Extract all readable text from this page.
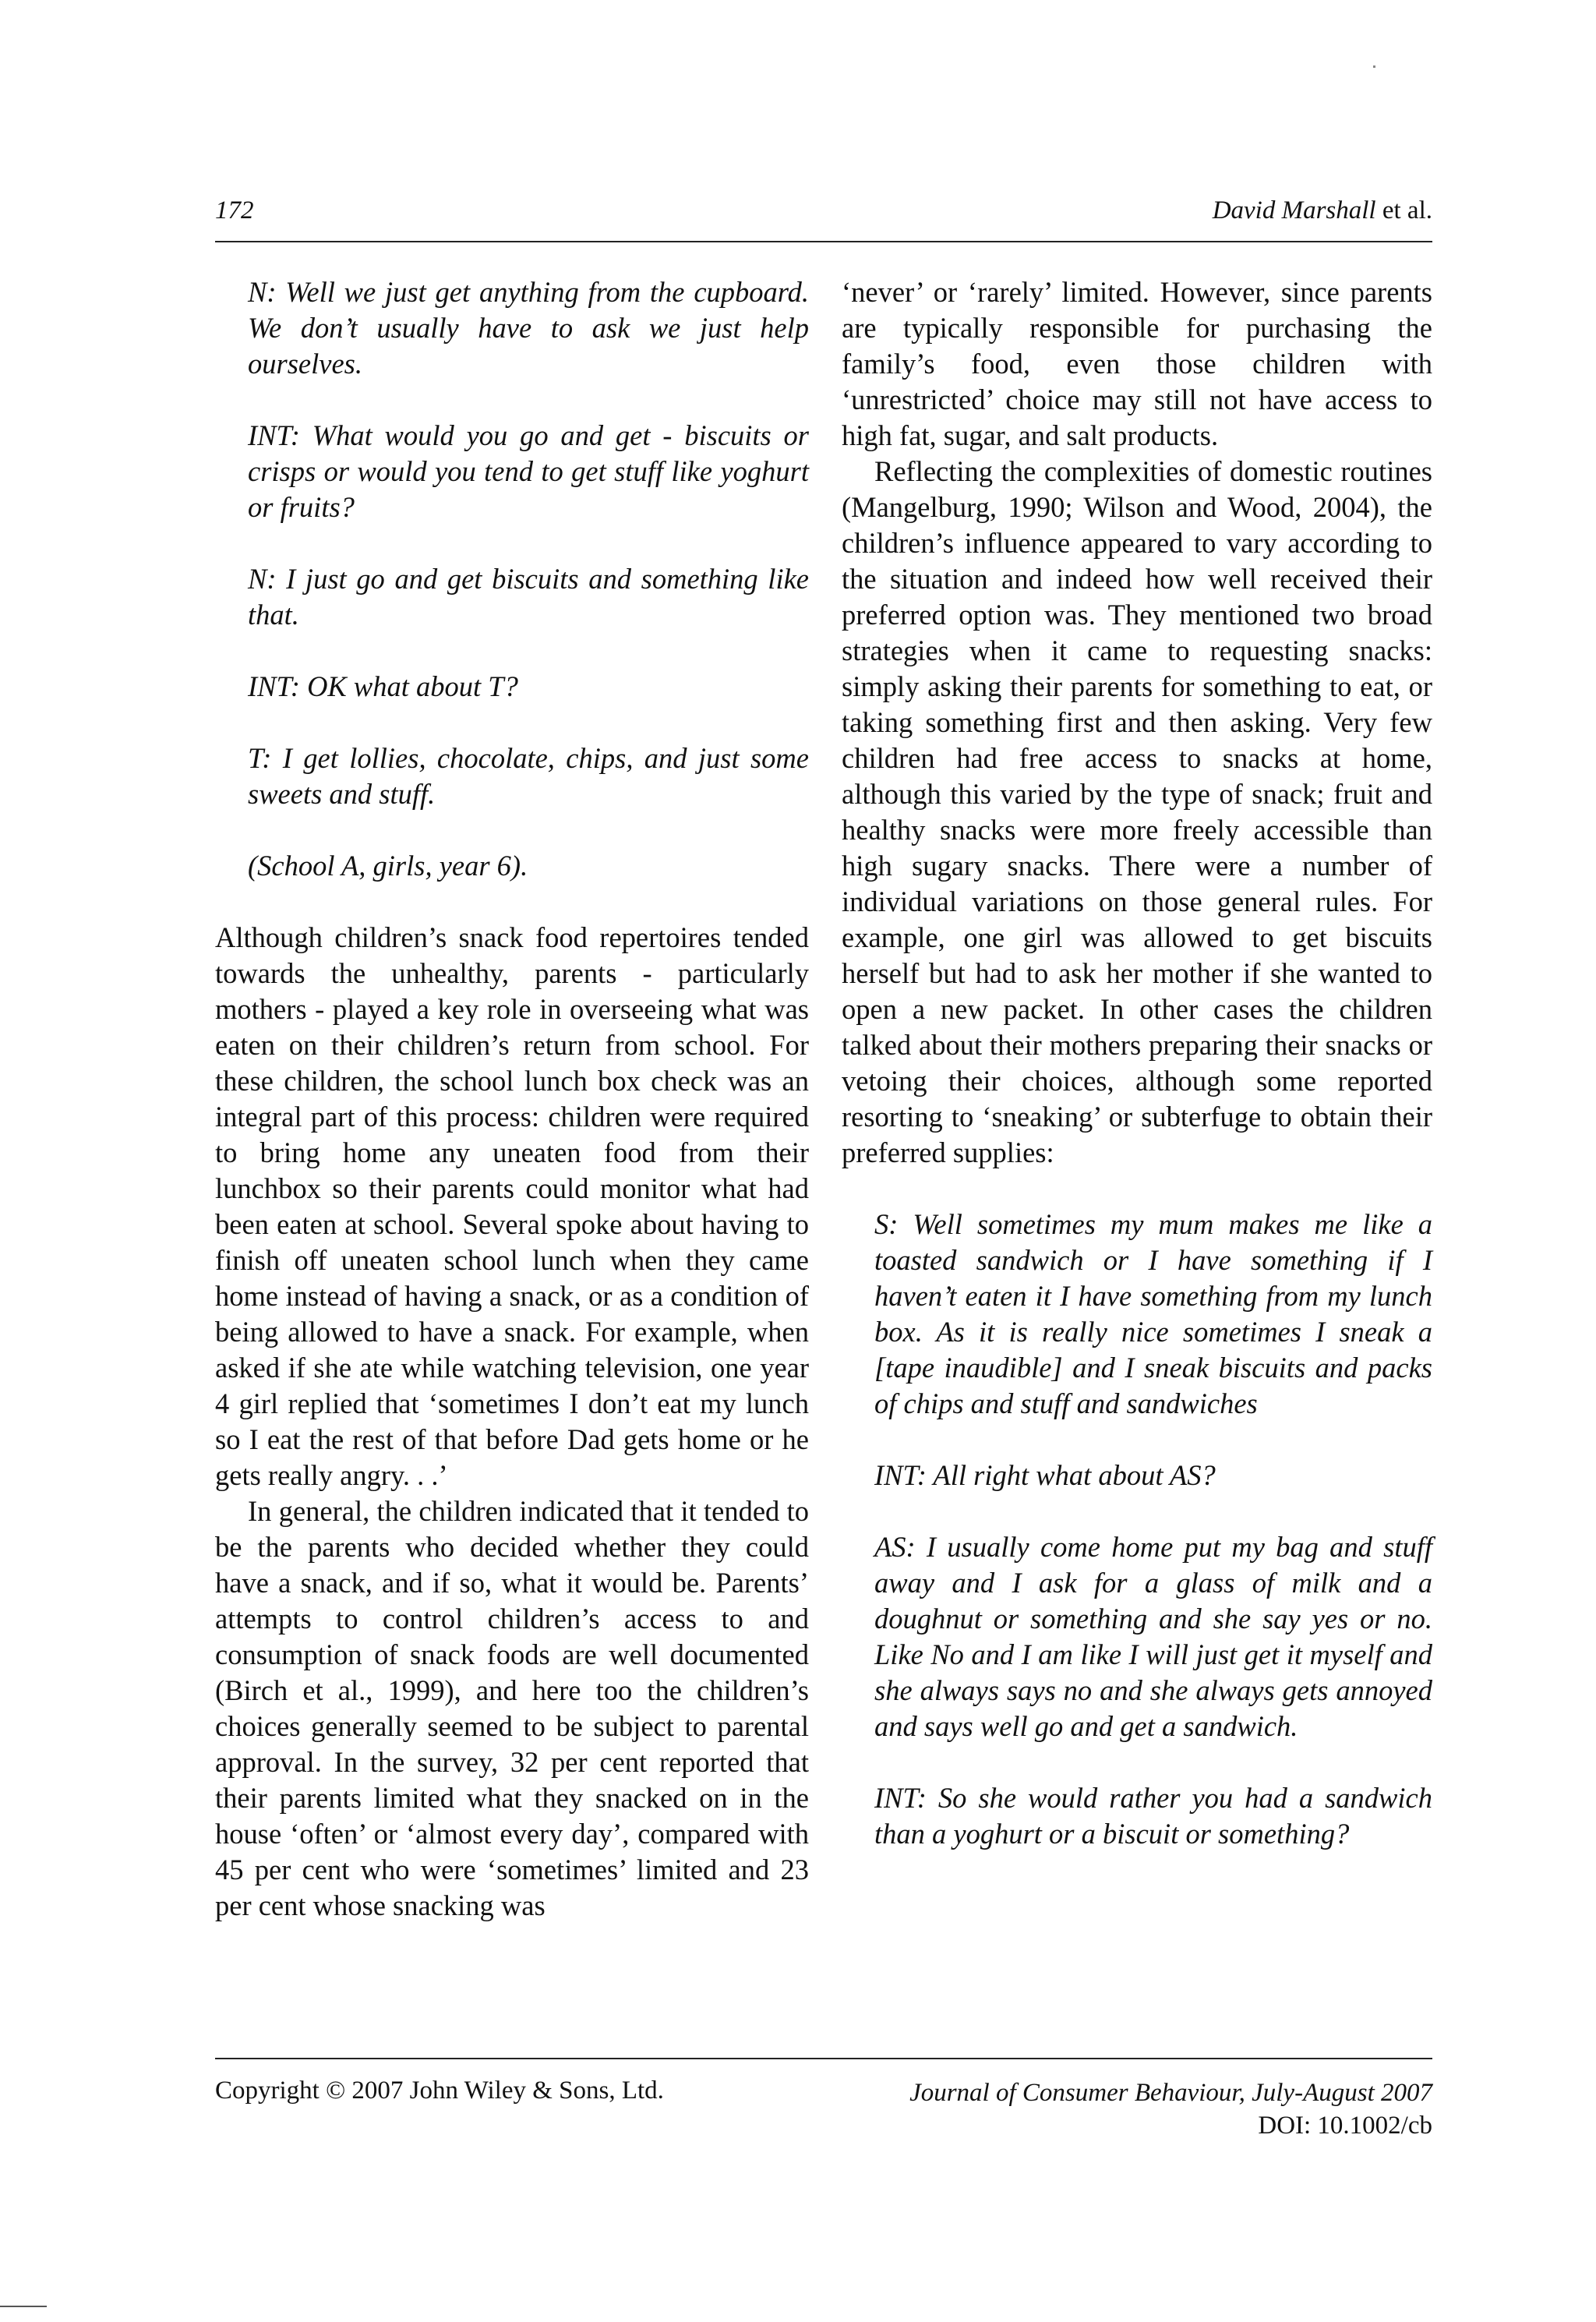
172	David Marshall et al.

N: Well we just get anything from the cupboard. We don’t usually have to ask we just help ourselves.

INT: What would you go and get - biscuits or crisps or would you tend to get stuff like yoghurt or fruits?

N: I just go and get biscuits and something like that.

INT: OK what about T?

T: I get lollies, chocolate, chips, and just some sweets and stuff.

(School A, girls, year 6).

Although children’s snack food repertoires tended towards the unhealthy, parents - particularly mothers - played a key role in overseeing what was eaten on their children’s return from school. For these children, the school lunch box check was an integral part of this process: children were required to bring home any uneaten food from their lunchbox so their parents could monitor what had been eaten at school. Several spoke about having to finish off uneaten school lunch when they came home instead of having a snack, or as a condition of being allowed to have a snack. For example, when asked if she ate while watching television, one year 4 girl replied that ‘sometimes I don’t eat my lunch so I eat the rest of that before Dad gets home or he gets really angry. . .’

In general, the children indicated that it tended to be the parents who decided whether they could have a snack, and if so, what it would be. Parents’ attempts to control children’s access to and consumption of snack foods are well documented (Birch et al., 1999), and here too the children’s choices generally seemed to be subject to parental approval. In the survey, 32 per cent reported that their parents limited what they snacked on in the house ‘often’ or ‘almost every day’, compared with 45 per cent who were ‘sometimes’ limited and 23 per cent whose snacking was

‘never’ or ‘rarely’ limited. However, since parents are typically responsible for purchasing the family’s food, even those children with ‘unrestricted’ choice may still not have access to high fat, sugar, and salt products.

Reflecting the complexities of domestic routines (Mangelburg, 1990; Wilson and Wood, 2004), the children’s influence appeared to vary according to the situation and indeed how well received their preferred option was. They mentioned two broad strategies when it came to requesting snacks: simply asking their parents for something to eat, or taking something first and then asking. Very few children had free access to snacks at home, although this varied by the type of snack; fruit and healthy snacks were more freely accessible than high sugary snacks. There were a number of individual variations on those general rules. For example, one girl was allowed to get biscuits herself but had to ask her mother if she wanted to open a new packet. In other cases the children talked about their mothers preparing their snacks or vetoing their choices, although some reported resorting to ‘sneaking’ or subterfuge to obtain their preferred supplies:

S: Well sometimes my mum makes me like a toasted sandwich or I have something if I haven’t eaten it I have something from my lunch box. As it is really nice sometimes I sneak a [tape inaudible] and I sneak biscuits and packs of chips and stuff and sandwiches

INT: All right what about AS?

AS: I usually come home put my bag and stuff away and I ask for a glass of milk and a doughnut or something and she say yes or no. Like No and I am like I will just get it myself and she always says no and she always gets annoyed and says well go and get a sandwich.

INT: So she would rather you had a sandwich than a yoghurt or a biscuit or something?

Copyright © 2007 John Wiley & Sons, Ltd.	Journal of Consumer Behaviour, July-August 2007
DOI: 10.1002/cb
